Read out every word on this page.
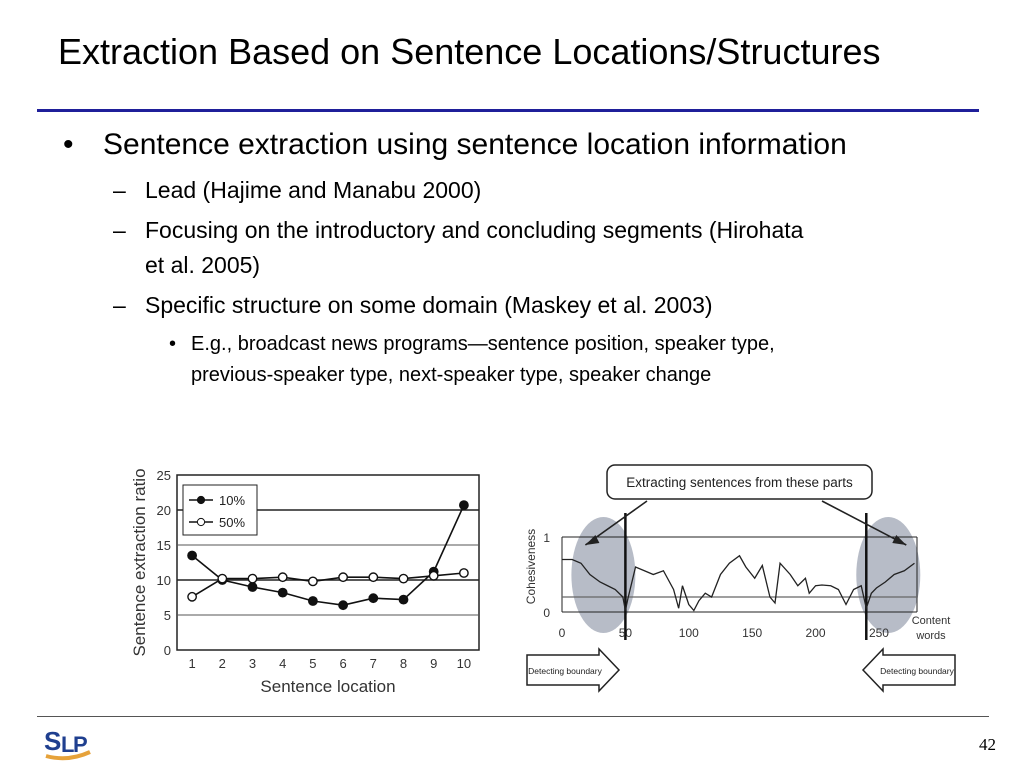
Extraction Based on Sentence Locations/Structures
• Sentence extraction using sentence location information
– Lead (Hajime and Manabu 2000)
– Focusing on the introductory and concluding segments (Hirohata
et al. 2005)
– Specific structure on some domain (Maskey et al. 2003)
• E.g., broadcast news programs―sentence position, speaker type,
previous-speaker type, next-speaker type, speaker change
0
5
10
15
20
25
1 2 3 4 5 6 7 8 9 10
Sentence location
Sentence extraction ratio	10%
50%
0
1
0	50	100	150	200	250
Content
words
Cohesiveness
Extracting sentences from these parts
Detecting boundary	Detecting boundary
S L
P	42
